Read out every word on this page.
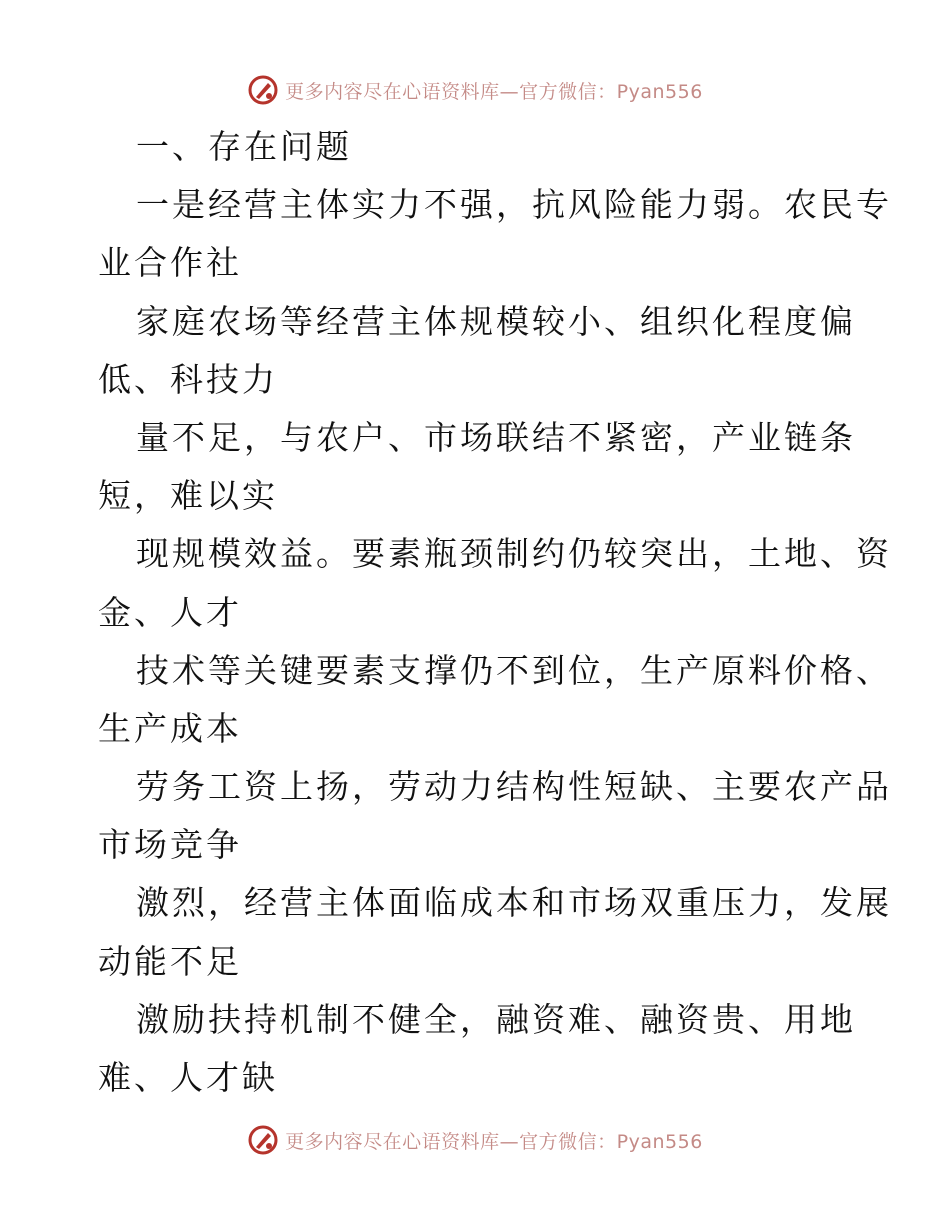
更多内容尽在心语资料库—官方微信：Pyan556
一、存在问题
一是经营主体实力不强，抗风险能力弱。农民专
业合作社
家庭农场等经营主体规模较小、组织化程度偏
低、科技力
量不足，与农户、市场联结不紧密，产业链条
短，难以实
现规模效益。要素瓶颈制约仍较突出，土地、资
金、人才
技术等关键要素支撑仍不到位，生产原料价格、
生产成本
劳务工资上扬，劳动力结构性短缺、主要农产品
市场竞争
激烈，经营主体面临成本和市场双重压力，发展
动能不足
激励扶持机制不健全，融资难、融资贵、用地
难、人才缺
更多内容尽在心语资料库—官方微信：Pyan556
